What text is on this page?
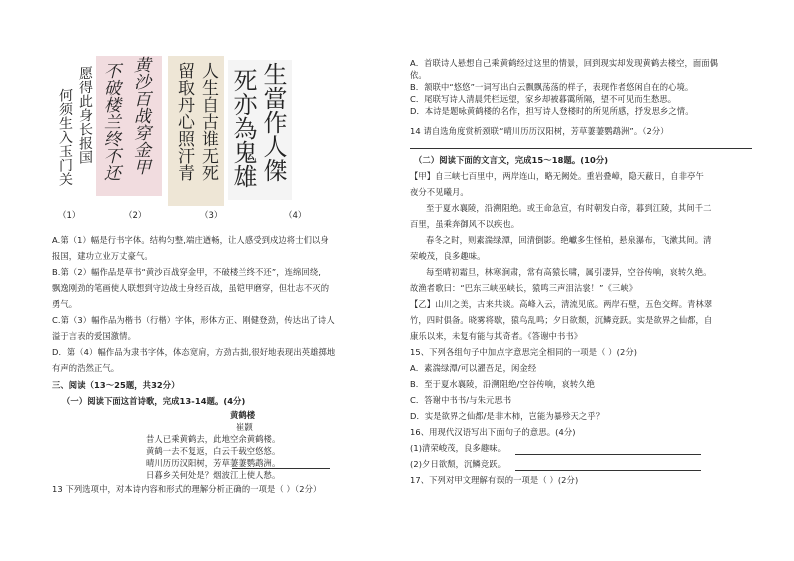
何须生入玉门关 愿得此身长报国 不破楼兰终不还 黄沙百战穿金甲 留取丹心照汗青 人生自古谁无死 死亦為鬼雄 生當作人傑
（1）	（2）	（3）	（4）
A.第（1）幅是行书字体。结构匀整,端庄遒畅，让人感受到戍边将士们以身
报国，建功立业万丈豪气。
B.第（2）幅作品是草书“黄沙百战穿金甲，不破楼兰终不还”，连绵回绕,
飘逸刚劲的笔画使人联想到守边战士身经百战，虽铠甲磨穿，但壮志不灭的
勇气。
C.第（3）幅作品为楷书（行楷）字体，形体方正、刚健登劲，传达出了诗人
溢于言表的爱国激情。
D．第（4）幅作品为隶书字体，体态宽肩，方劲古拙,很好地表现出英雄掷地
有声的浩然正气。
三、阅读（13～25题，共32分）
（一）阅读下面这首诗歌，完成13-14题。(4分)
黄鹤楼
崔颢
昔人已乘黄鹤去，此地空余黄鹤楼。
黄鹤一去不复返，白云千载空悠悠。
晴川历历汉阳树，芳草萋萋鹦鹉洲。
日暮乡关何处是？烟波江上使人愁。
13 下列选项中，对本诗内容和形式的理解分析正确的一项是（ ）（2分）
A．首联诗人悬想自己乘黄鹤经过这里的情景，回到现实却发现黄鹤去楼空，面面偶
依。
B．颔联中“悠悠”一词写出白云飘飘荡荡的样子，表现作者悠闲自在的心境。
C．尾联写诗人清晨凭栏远望，家乡却被暮霭所隔，望不可见而生愁思。
D．本诗是题咏黄鹤楼的名作，担写诗人登楼时的所见所感，抒发思乡之情。
14 请自选角度赏析颈联“晴川历历汉阳树，芳草萋萋鹦鹉洲”。（2分）
（二）阅读下面的文言文，完成15～18题。(10分)
【甲】自三峡七百里中，两岸连山，略无阙处。重岩叠嶂，隐天蔽日，自非亭午
夜分不见曦月。
至于夏水襄陵，沿溯阻绝。或王命急宣，有时朝发白帝，暮到江陵，其间千二
百里，虽乘奔御风不以疾也。
春冬之时，则素湍绿潭，回清倒影。绝巘多生怪柏，悬泉瀑布，飞漱其间。清
荣峻茂，良多趣味。
每至晴初霜旦，林寒涧肃，常有高猿长啸，属引凄异，空谷传响，哀转久绝。
故渔者歌曰：“巴东三峡巫峡长，猿鸣三声泪沾裳！”《三峡》
【乙】山川之美，古来共谈。高峰入云，清流见底。两岸石壁，五色交辉。青林翠
竹，四时俱备。晓雾将歇，猿鸟乱鸣；夕日欲颓，沉鳞竞跃。实是欲界之仙都，自
康乐以来，未复有能与其奇者。《答谢中书书》
15、下列各组句子中加点字意思完全相同的一项是（ ）(2分)
A．素湍绿潭/可以濯吾足，闲金经
B．至于夏水襄陵，沿溯阻绝/空谷传响，哀转久绝
C．答谢中书书/与朱元思书
D．实是欲界之仙都/是非木柿，岂能为暴殄天之乎？
16、用现代汉语写出下面句子的意思。(4分)
(1)清荣峻茂，良多趣味。
(2)夕日欲颓，沉鳞竞跃。
17、下列对甲文理解有误的一项是（ ）(2分)
